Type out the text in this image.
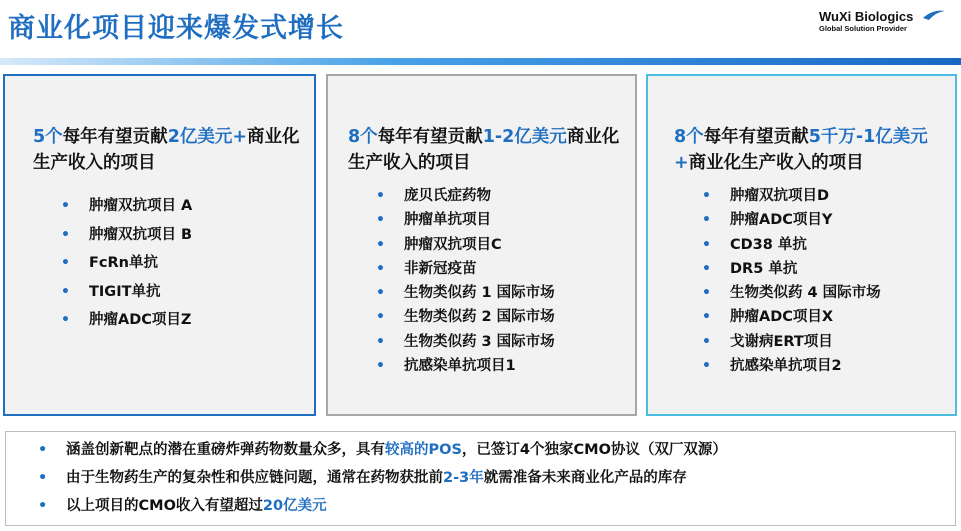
商业化项目迎来爆发式增长	WuXi Biologics
Global Solution Provider
5个每年有望贡献2亿美元+商业化生产收入的项目
• 肿瘤双抗项目 A
• 肿瘤双抗项目 B
• FcRn单抗
• TIGIT单抗
• 肿瘤ADC项目Z
8个每年有望贡献1-2亿美元商业化生产收入的项目
• 庞贝氏症药物
• 肿瘤单抗项目
• 肿瘤双抗项目C
• 非新冠疫苗
• 生物类似药 1 国际市场
• 生物类似药 2 国际市场
• 生物类似药 3 国际市场
• 抗感染单抗项目1
8个每年有望贡献5千万-1亿美元+商业化生产收入的项目
• 肿瘤双抗项目D
• 肿瘤ADC项目Y
• CD38 单抗
• DR5 单抗
• 生物类似药 4 国际市场
• 肿瘤ADC项目X
• 戈谢病ERT项目
• 抗感染单抗项目2
• 涵盖创新靶点的潜在重磅炸弹药物数量众多，具有较高的POS，已签订4个独家CMO协议（双厂双源）
• 由于生物药生产的复杂性和供应链问题，通常在药物获批前2-3年就需准备未来商业化产品的库存
• 以上项目的CMO收入有望超过20亿美元
